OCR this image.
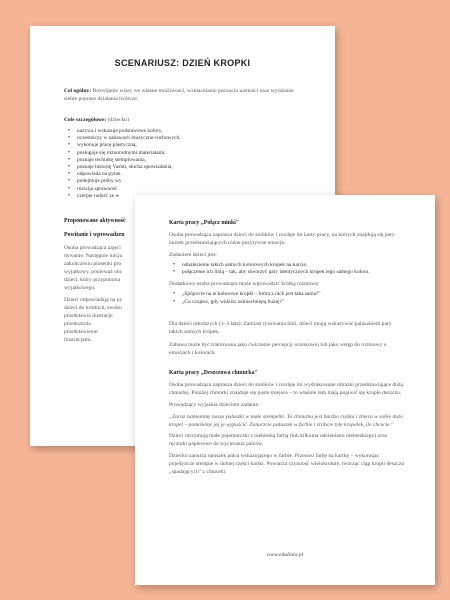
SCENARIUSZ: DZIEŃ KROPKI

Cel ogólny: Rozwijanie wiary we własne możliwości, wzmacnianie poczucia wartości oraz wyrażanie siebie poprzez działania twórcze.

Cele szczegółowe: (dziecko)

• nazywa i wskazuje podstawowe kolory,
• uczestniczy w zabawach muzyczno-ruchowych,
• wykonuje pracę plastyczną,
• posługuje się różnorodnymi materiałami,
• poznaje technikę stemplowania,
• poznaje historię Vashti, słucha opowiadania,
• odpowiada na pytan
• podejmuje próby wy
• rozwija sprawność
• czerpie radość ze w
Proponowane aktywność
Powitanie i wprowadzen

Osoba prowadząca zajęci

dywanie. Następnie inicju

zakończeniu piosenki pro

wyjątkowy, ponieważ obc

dzieci, który przypomina

wyjątkowego.

Dzieci odpowiadają na py

dzieci do krótkich, swobo

przedstawia ilustracje

przedszkola

przedstawienie

ilustracjami.

Karta pracy „Połącz minki"

Osoba prowadząca zaprasza dzieci do stolików i rozdaje im karty pracy, na których znajdują się pary buziek przedstawiających różne pozytywne emocje.

Zadaniem dzieci jest:

• odnalezienie takich samych kolorowych kropek na karcie,
• połączenie ich linią – tak, aby stworzyć pary identycznych kropek tego samego koloru.

Dodatkowo osoba prowadząca może wprowadzić krótką rozmowę:

• „Spójrzcie na te kolorowe kropki – która z nich jest taka sama?"
• „Co czujesz, gdy widzisz uśmiechniętą buzię?"

Dla dzieci młodszych (1–3 lata): Zamiast rysowania linii, dzieci mogą wskazywać paluszkiem pary takich samych kropek.

Zabawa może być traktowana jako ćwiczenie percepcji wzrokowej lub jako wstęp do rozmowy o emocjach i kolorach.

Karta pracy „Deszczowa chmurka"

Osoba prowadząca zaprasza dzieci do stolików i rozdaje im wydrukowane obrazki przedstawiające dużą chmurkę. Poniżej chmurki znajduje się puste miejsce – to właśnie tam mają pojawić się krople deszczu.

Prowadzący wyjaśnia dzieciom zadanie:

„Zaraz zamienimy nasze paluszki w małe stempelki. Ta chmurka jest bardzo ciężka i zbiera w sobie dużo kropel – pomóżemy jej je wypuścić. Zanurzcie paluszek w farbie i zróbcie tyle kropelek, ile chcecie."

Dzieci otrzymują małe pojemniczki z niebieską farbą (lub kilkoma odcieniami niebieskiego) oraz ręczniki papierowe do wycierania palców.

Dziecko zanurza opuszek palca wskazującego w farbie. Przenosi farbę na kartkę – wykonując pojedyncze stemple w dolnej części kartki. Powtarza czynność wielokrotnie, tworząc ciąg kropli deszczu „spadających" z chmurki.

www.edulinia.pl
